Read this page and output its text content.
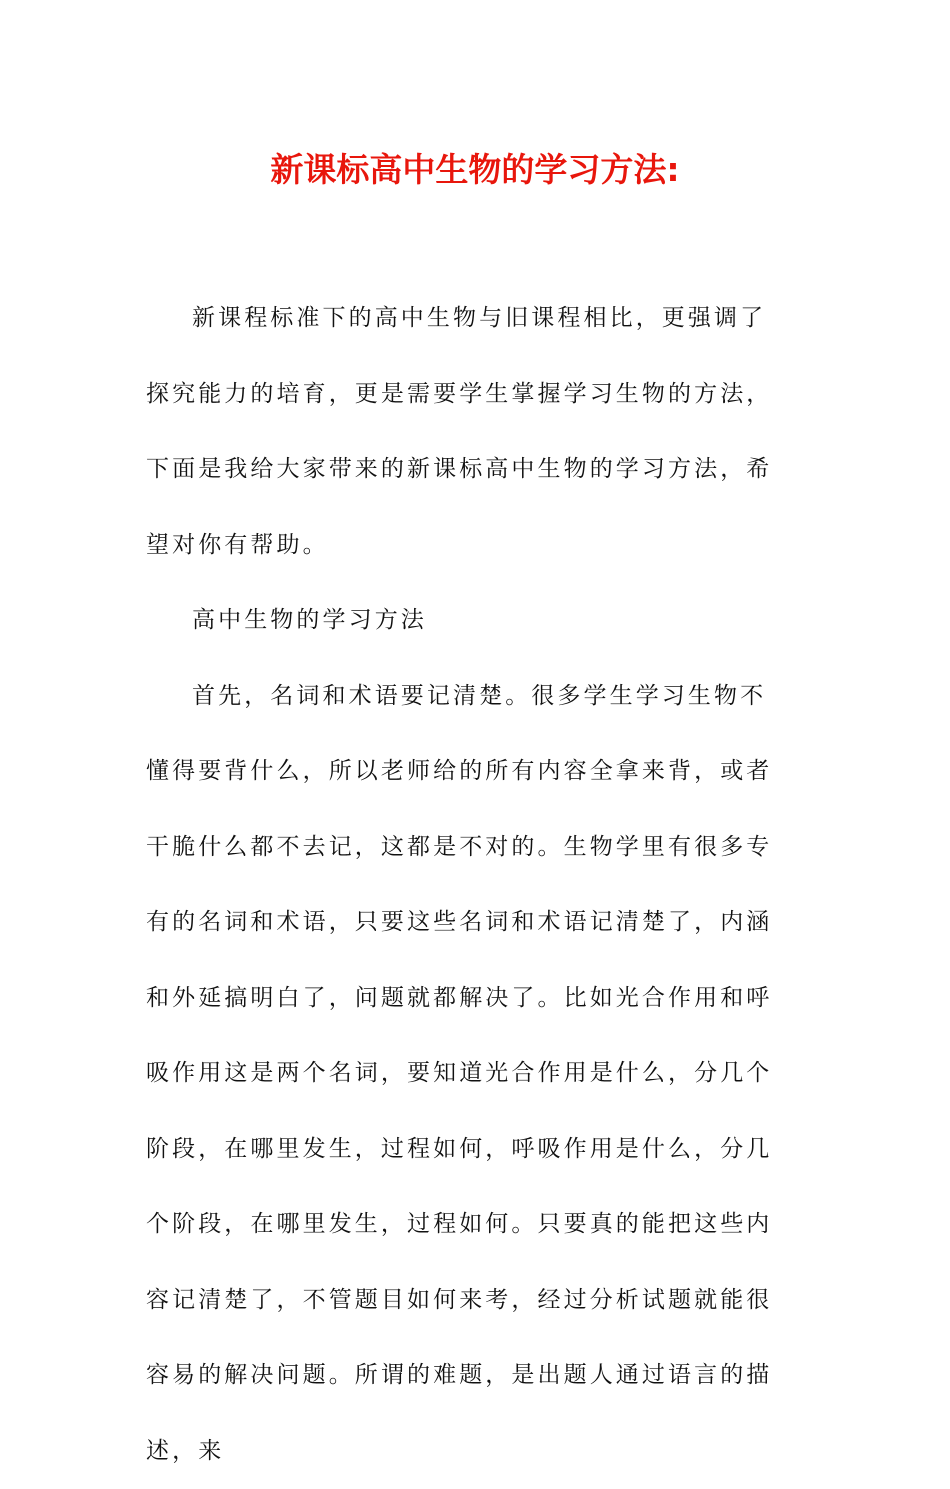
新课标高中生物的学习方法:

新课程标准下的高中生物与旧课程相比，更强调了探究能力的培育，更是需要学生掌握学习生物的方法，下面是我给大家带来的新课标高中生物的学习方法，希望对你有帮助。

高中生物的学习方法

首先，名词和术语要记清楚。很多学生学习生物不懂得要背什么，所以老师给的所有内容全拿来背，或者干脆什么都不去记，这都是不对的。生物学里有很多专有的名词和术语，只要这些名词和术语记清楚了，内涵和外延搞明白了，问题就都解决了。比如光合作用和呼吸作用这是两个名词，要知道光合作用是什么，分几个阶段，在哪里发生，过程如何，呼吸作用是什么，分几个阶段，在哪里发生，过程如何。只要真的能把这些内容记清楚了，不管题目如何来考，经过分析试题就能很容易的解决问题。所谓的难题，是出题人通过语言的描述，来
